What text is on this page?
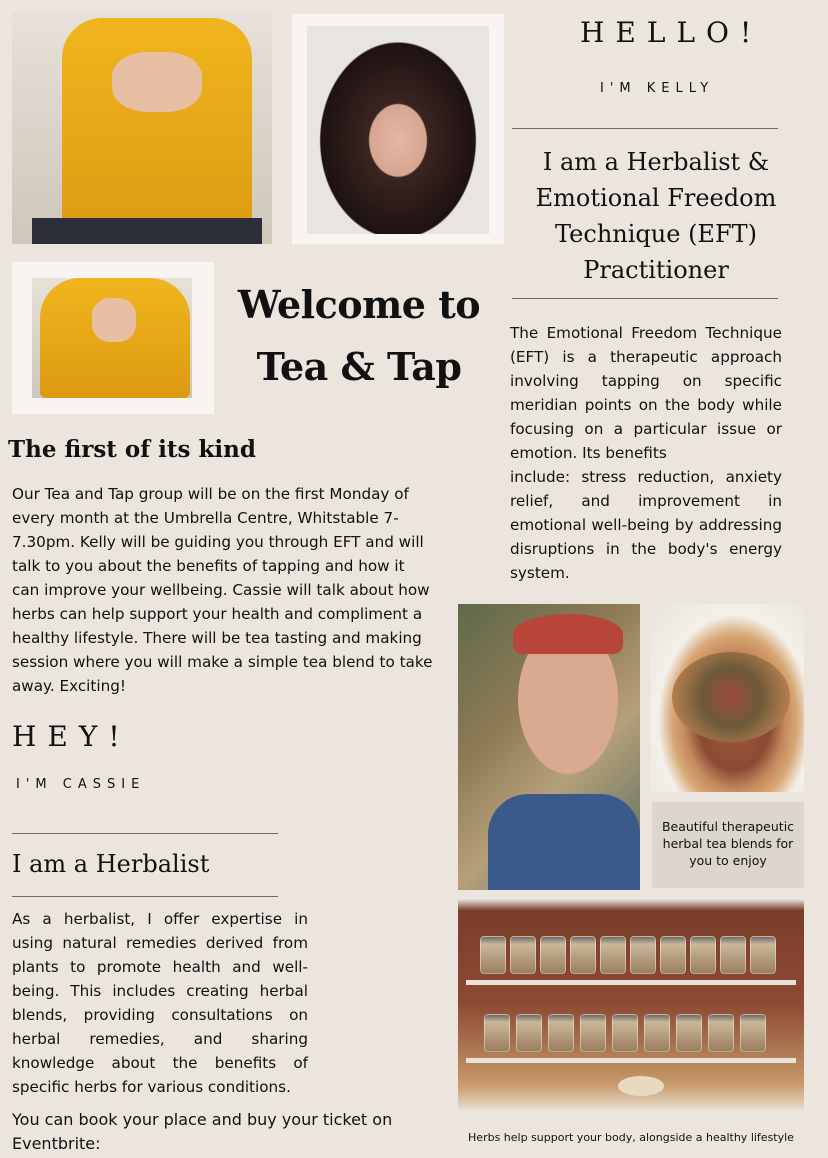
Welcome to
Tea & Tap
HELLO!
I'M KELLY
I am a Herbalist &
Emotional Freedom
Technique (EFT)
Practitioner
The Emotional Freedom Technique (EFT) is a therapeutic approach involving tapping on specific meridian points on the body while focusing on a particular issue or emotion. Its benefits
include: stress reduction, anxiety relief, and improvement in emotional well-being by addressing disruptions in the body's energy system.
The first of its kind
Our Tea and Tap group will be on the first Monday of every month at the Umbrella Centre, Whitstable 7-7.30pm. Kelly will be guiding you through EFT and will talk to you about the benefits of tapping and how it can improve your wellbeing. Cassie will talk about how herbs can help support your health and compliment a healthy lifestyle. There will be tea tasting and making session where you will make a simple tea blend to take away. Exciting!
HEY!
I'M CASSIE
I am a Herbalist
As a herbalist, I offer expertise in using natural remedies derived from plants to promote health and well-being. This includes creating herbal blends, providing consultations on herbal remedies, and sharing knowledge about the benefits of specific herbs for various conditions.
You can book your place and buy your ticket on Eventbrite:
Beautiful therapeutic herbal tea blends for you to enjoy
Herbs help support your body, alongside a healthy lifestyle
